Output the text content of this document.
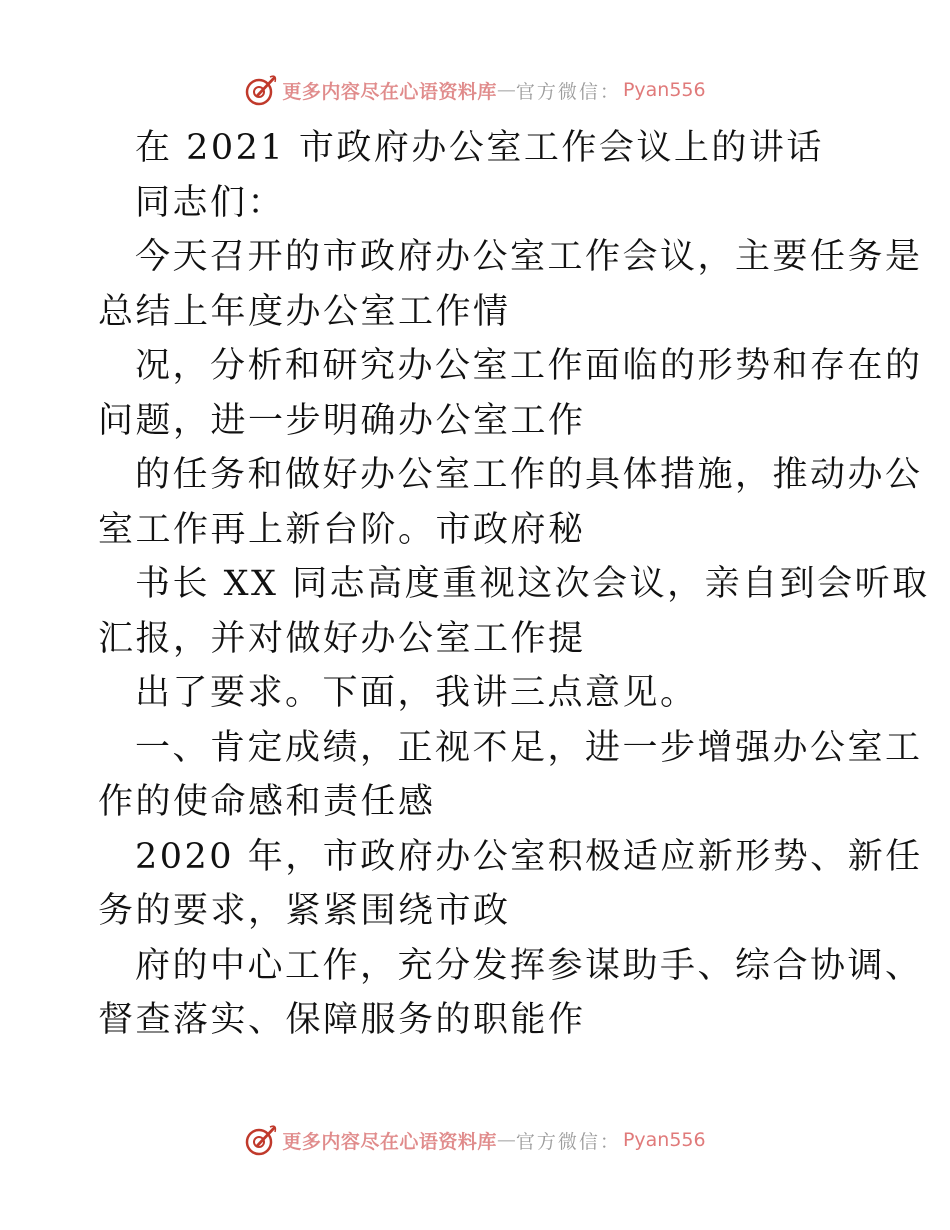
更多内容尽在心语资料库 — 官方微信： Pyan556
在 2021 市政府办公室工作会议上的讲话
同志们：
今天召开的市政府办公室工作会议，主要任务是
总结上年度办公室工作情
况，分析和研究办公室工作面临的形势和存在的
问题，进一步明确办公室工作
的任务和做好办公室工作的具体措施，推动办公
室工作再上新台阶。市政府秘
书长 XX 同志高度重视这次会议，亲自到会听取
汇报，并对做好办公室工作提
出了要求。下面，我讲三点意见。
一、肯定成绩，正视不足，进一步增强办公室工
作的使命感和责任感
2020 年，市政府办公室积极适应新形势、新任
务的要求，紧紧围绕市政
府的中心工作，充分发挥参谋助手、综合协调、
督查落实、保障服务的职能作
更多内容尽在心语资料库 — 官方微信： Pyan556
